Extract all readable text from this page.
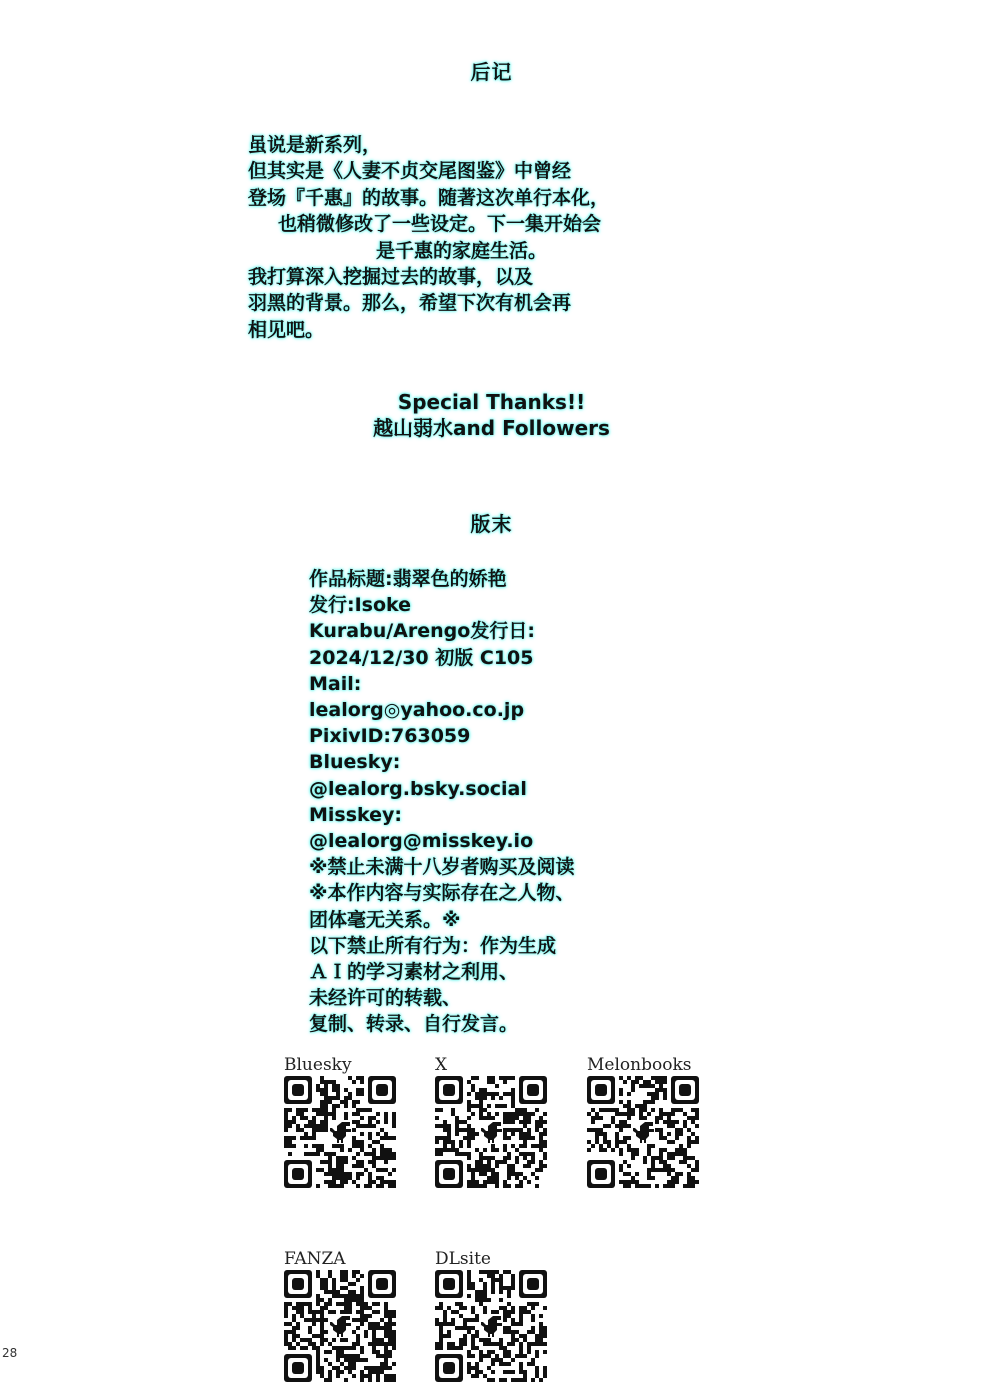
后记
虽说是新系列，
但其实是《人妻不贞交尾图鉴》中曾经
登场『千惠』的故事。随著这次单行本化，
也稍微修改了一些设定。下一集开始会
是千惠的家庭生活。
我打算深入挖掘过去的故事，以及
羽黑的背景。那么，希望下次有机会再
相见吧。
Special Thanks!!
越山弱水and Followers
版末
作品标题:翡翠色的娇艳
发行:Isoke
Kurabu/Arengo发行日:
2024/12/30 初版 C105
Mail:
lealorg◎yahoo.co.jp
PixivID:763059
Bluesky:
@lealorg.bsky.social
Misskey:
@lealorg@misskey.io
※禁止未满十八岁者购买及阅读
※本作内容与实际存在之人物、
团体毫无关系。※
以下禁止所有行为：作为生成
ＡＩ的学习素材之利用、
未经许可的转载、
复制、转录、自行发言。
Bluesky	X	Melonbooks
FANZA	DLsite
28
